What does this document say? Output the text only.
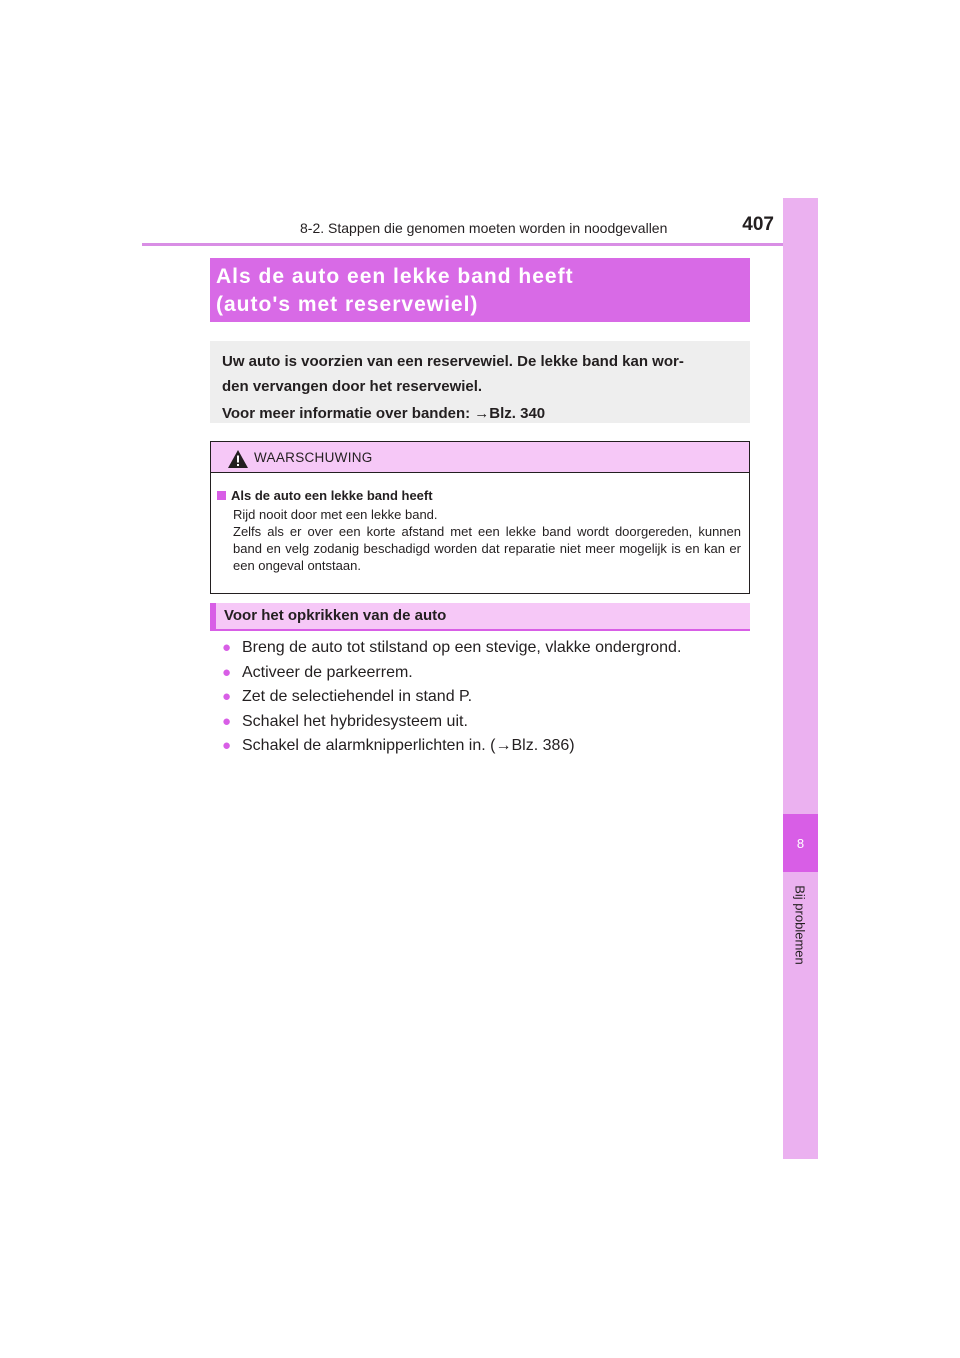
8-2. Stappen die genomen moeten worden in noodgevallen	407
8
Bij problemen
Als de auto een lekke band heeft
(auto's met reservewiel)

Uw auto is voorzien van een reservewiel. De lekke band kan wor-

den vervangen door het reservewiel.

Voor meer informatie over banden: →Blz. 340

WAARSCHUWING
Als de auto een lekke band heeft

Rijd nooit door met een lekke band.

Zelfs als er over een korte afstand met een lekke band wordt doorgereden, kunnen band en velg zodanig beschadigd worden dat reparatie niet meer mogelijk is en kan er een ongeval ontstaan.

Voor het opkrikken van de auto
● Breng de auto tot stilstand op een stevige, vlakke ondergrond.
● Activeer de parkeerrem.
● Zet de selectiehendel in stand P.
● Schakel het hybridesysteem uit.
● Schakel de alarmknipperlichten in. (→Blz. 386)
